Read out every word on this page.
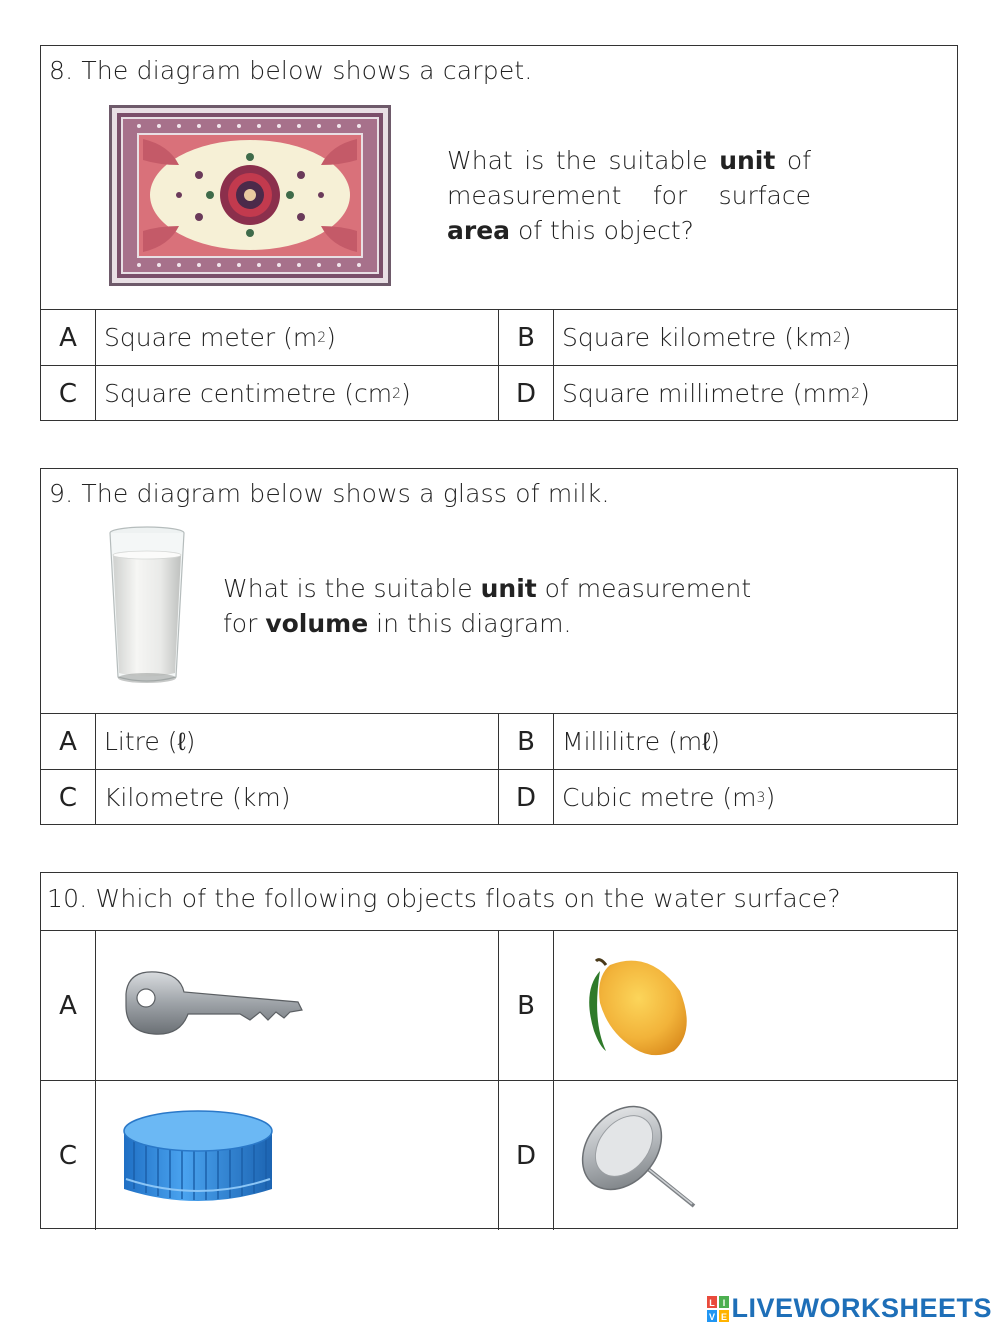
8. The diagram below shows a carpet.
What is the suitable unit of measurement for surface area of this object?
A	Square meter (m 2 )	B	Square kilometre (km 2 )
C	Square centimetre (cm 2 )	D	Square millimetre (mm 2 )
9. The diagram below shows a glass of milk.
What is the suitable unit of measurement for volume in this diagram.
A	Litre (ℓ)	B	Millilitre (mℓ)
C	Kilometre (km)	D	Cubic metre (m 3 )
10. Which of the following objects floats on the water surface?
A	B
C	D
L I
V E LIVEWORKSHEETS
